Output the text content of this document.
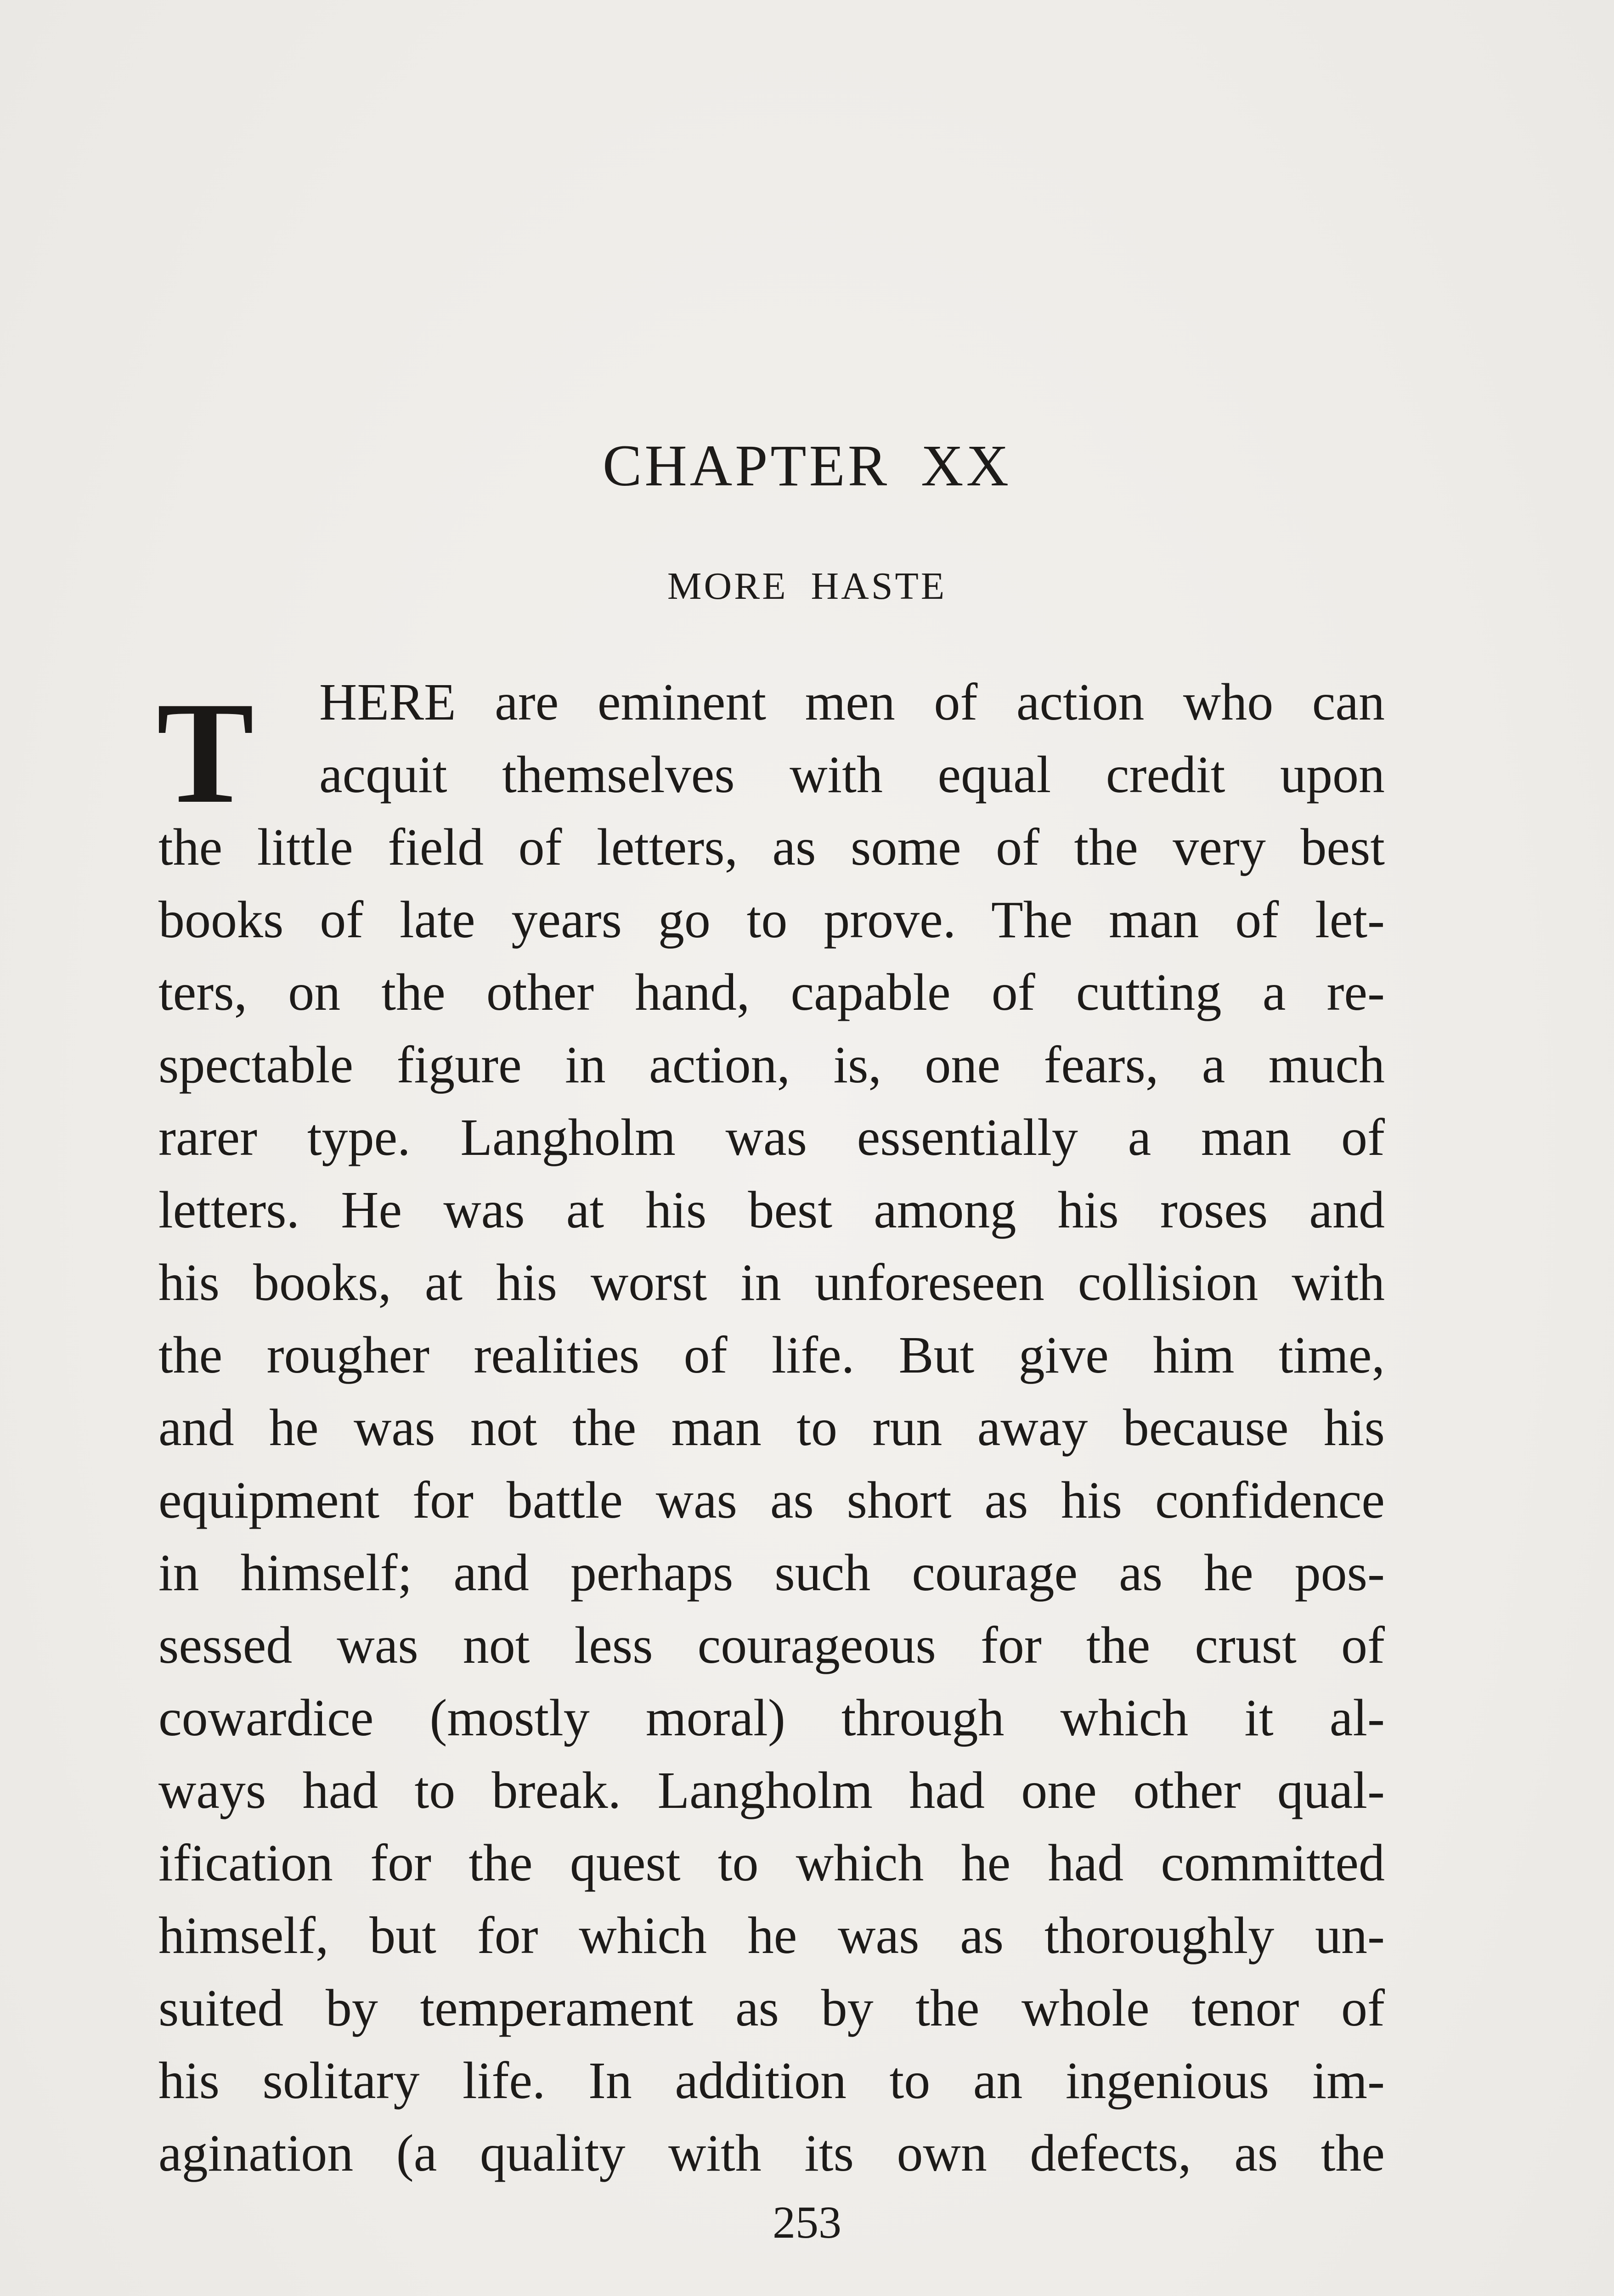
CHAPTER XX
MORE HASTE
T	HERE are eminent men of action who can
acquit themselves with equal credit upon
the little field of letters, as some of the very best
books of late years go to prove. The man of let-
ters, on the other hand, capable of cutting a re-
spectable figure in action, is, one fears, a much
rarer type. Langholm was essentially a man of
letters. He was at his best among his roses and
his books, at his worst in unforeseen collision with
the rougher realities of life. But give him time,
and he was not the man to run away because his
equipment for battle was as short as his confidence
in himself; and perhaps such courage as he pos-
sessed was not less courageous for the crust of
cowardice (mostly moral) through which it al-
ways had to break. Langholm had one other qual-
ification for the quest to which he had committed
himself, but for which he was as thoroughly un-
suited by temperament as by the whole tenor of
his solitary life. In addition to an ingenious im-
agination (a quality with its own defects, as the
253
